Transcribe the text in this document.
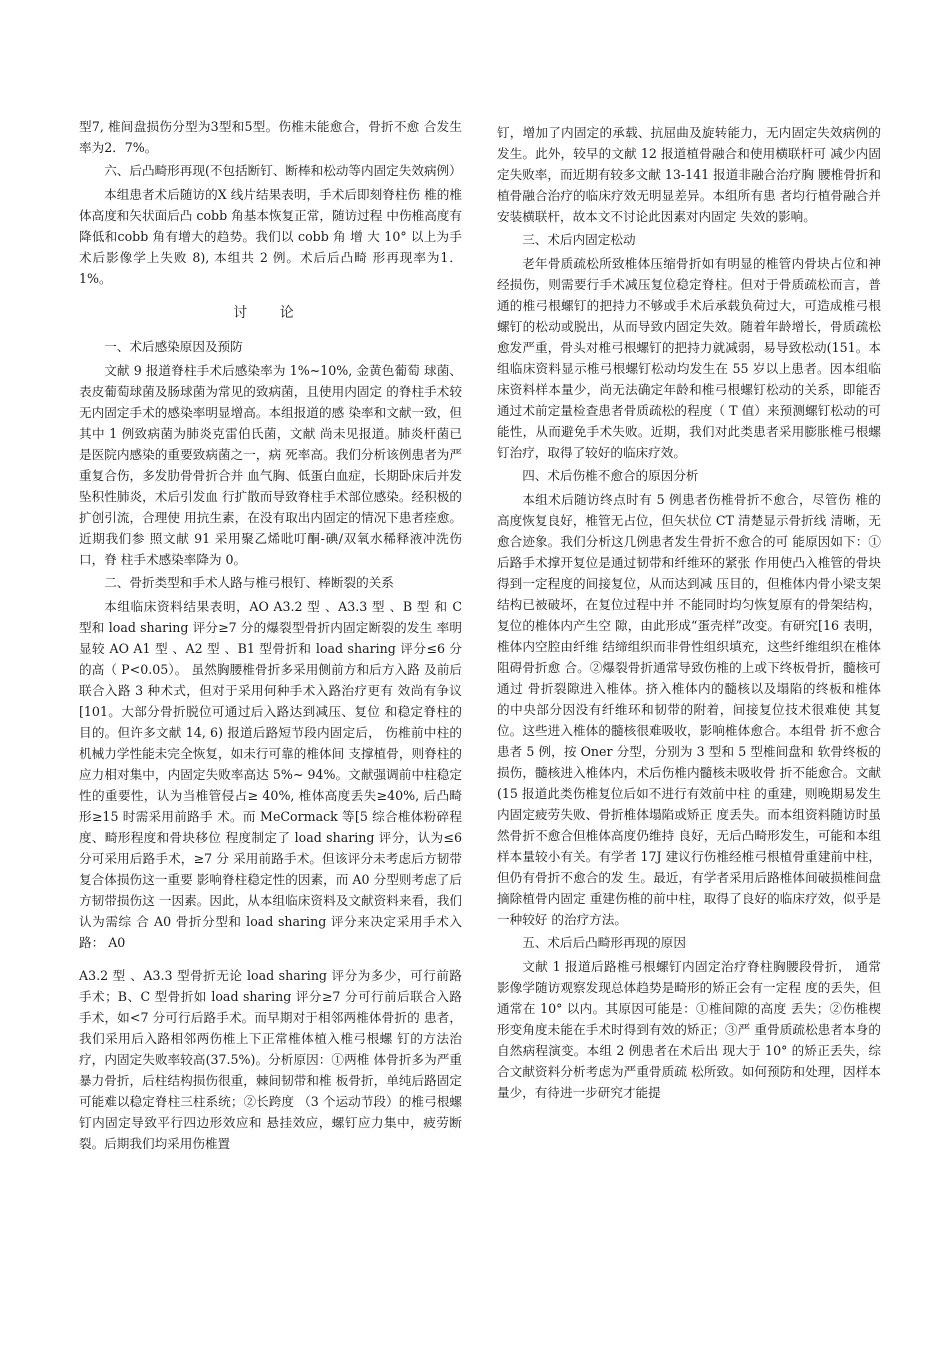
型7, 椎间盘损伤分型为3型和5型。伤椎未能愈合，骨折不愈 合发生率为2．7%。

六、后凸畸形再现(不包括断钉、断棒和松动等内固定失效病例）

本组患者术后随访的X 线片结果表明，手术后即刻脊柱伤 椎的椎体高度和矢状面后凸 cobb 角基本恢复正常，随访过程 中伤椎高度有降低和cobb 角有增大的趋势。我们以 cobb 角 增 大 10° 以上为手术后影像学上失败 8), 本组共 2 例。术后后凸畸 形再现率为1．1%。

讨 论

一、术后感染原因及预防

文献 9 报道脊柱手术后感染率为 1%~10%, 金黄色葡萄 球菌、表皮葡萄球菌及肠球菌为常见的致病菌，且使用内固定 的脊柱手术较无内固定手术的感染率明显增高。本组报道的感 染率和文献一致，但其中 1 例致病菌为肺炎克雷伯氏菌，文献 尚未见报道。肺炎杆菌已是医院内感染的重要致病菌之一，病 死率高。我们分析该例患者为严重复合伤，多发肋骨骨折合并 血气胸、低蛋白血症，长期卧床后并发坠积性肺炎，术后引发血 行扩散而导致脊柱手术部位感染。经积极的扩创引流，合理使 用抗生素，在没有取出内固定的情况下患者痊愈。近期我们参 照文献 91 采用聚乙烯吡叮酮-碘/双氧水稀释液冲洗伤口，脊 柱手术感染率降为 0。

二、骨折类型和手术人路与椎弓根钉、棒断裂的关系

本组临床资料结果表明，AO A3.2 型 、A3.3 型 、B 型 和 C 型和 load sharing 评分≥7 分的爆裂型骨折内固定断裂的发生 率明显较 AO A1 型 、A2 型 、B1 型骨折和 load sharing 评分≤6 分的高（ P<0.05）。 虽然胸腰椎骨折多采用侧前方和后方入路 及前后联合入路 3 种术式，但对于采用何种手术入路治疗更有 效尚有争议[101。大部分骨折脱位可通过后入路达到减压、复位 和稳定脊柱的目的。但许多文献 14, 6) 报道后路短节段内固定后， 伤椎前中柱的机械力学性能未完全恢复，如未行可靠的椎体间 支撑植骨，则脊柱的应力相对集中，内固定失败率高达 5%~ 94%。文献强调前中柱稳定性的重要性，认为当椎管侵占≥ 40%, 椎体高度丢失≥40%, 后凸畸形≥15 时需采用前路手 术。而 MeCormack 等[5 综合椎体粉碎程度、畸形程度和骨块移位 程度制定了 load sharing 评分，认为≤6 分可采用后路手术，≥7 分 采用前路手术。但该评分未考虑后方韧带复合体损伤这一重要 影响脊柱稳定性的因素，而 A0 分型则考虑了后方韧带损伤这 一因素。因此，从本组临床资料及文献资料来看，我们认为需综 合 A0 骨折分型和 load sharing 评分来决定采用手术入路： A0

A3.2 型 、A3.3 型骨折无论 load sharing 评分为多少，可行前路 手术；B、C 型骨折如 load sharing 评分≥7 分可行前后联合入路 手术，如<7 分可行后路手术。而早期对于相邻两椎体骨折的 患者，我们采用后入路相邻两伤椎上下正常椎体植入椎弓根螺 钉的方法治疗，内固定失败率较高(37.5%)。分析原因：①两椎 体骨折多为严重暴力骨折，后柱结构损伤很重，棘间韧带和椎 板骨折，单纯后路固定可能难以稳定脊柱三柱系统；②长跨度 （3 个运动节段）的椎弓根螺钉内固定导致平行四边形效应和 悬挂效应，螺钉应力集中，疲劳断裂。后期我们均采用伤椎置

钉，增加了内固定的承载、抗屈曲及旋转能力，无内固定失效病例的发生。此外，较早的文献 12 报道植骨融合和使用横联杆可 减少内固定失败率，而近期有较多文献 13-141 报道非融合治疗胸 腰椎骨折和植骨融合治疗的临床疗效无明显差异。本组所有患 者均行植骨融合并安装横联杆，故本文不讨论此因素对内固定 失效的影响。

三、术后内固定松动

老年骨质疏松所致椎体压缩骨折如有明显的椎管内骨块占位和神经损伤，则需要行手术减压复位稳定脊柱。但对于骨质疏松而言，普通的椎弓根螺钉的把持力不够或手术后承载负荷过大，可造成椎弓根螺钉的松动或脱出，从而导致内固定失效。随着年龄增长，骨质疏松愈发严重，骨头对椎弓根螺钉的把持力就减弱，易导致松动(151。本组临床资料显示椎弓根螺钉松动均发生在 55 岁以上患者。因本组临床资料样本量少，尚无法确定年龄和椎弓根螺钉松动的关系，即能否通过术前定量检查患者骨质疏松的程度（ T 值）来预测螺钉松动的可能性，从而避免手术失败。近期，我们对此类患者采用膨胀椎弓根螺钉治疗，取得了较好的临床疗效。

四、术后伤椎不愈合的原因分析

本组术后随访终点时有 5 例患者伤椎骨折不愈合，尽管伤 椎的高度恢复良好，椎管无占位，但矢状位 CT 清楚显示骨折线 清晰，无愈合迹象。我们分析这几例患者发生骨折不愈合的可 能原因如下：①后路手术撑开复位是通过韧带和纤维环的紧张 作用使凸入椎管的骨块得到一定程度的间接复位，从而达到减 压目的，但椎体内骨小梁支架结构已被破坏，在复位过程中并 不能同时均匀恢复原有的骨架结构，复位的椎体内产生空 隙，由此形成“蛋壳样”改变。有研究[16 表明，椎体内空腔由纤维 结缔组织而非骨性组织填充，这些纤维组织在椎体阻碍骨折愈 合。②爆裂骨折通常导致伤椎的上或下终板骨折，髓核可通过 骨折裂隙进入椎体。挤入椎体内的髓核以及塌陷的终板和椎体 的中央部分因没有纤维环和韧带的附着，间接复位技术很难使 其复位。这些进入椎体的髓核很难吸收，影响椎体愈合。本组骨 折不愈合患者 5 例，按 Oner 分型，分别为 3 型和 5 型椎间盘和 软骨终板的损伤，髓核进入椎体内，术后伤椎内髓核未吸收骨 折不能愈合。文献(15 报道此类伤椎复位后如不进行有效前中柱 的重建，则晚期易发生内固定疲劳失败、骨折椎体塌陷或矫正 度丢失。而本组资料随访时虽然骨折不愈合但椎体高度仍维持 良好，无后凸畸形发生，可能和本组样本量较小有关。有学者 17J 建议行伤椎经椎弓根植骨重建前中柱，但仍有骨折不愈合的发 生。最近，有学者采用后路椎体间破损椎间盘摘除植骨内固定 重建伤椎的前中柱，取得了良好的临床疗效，似乎是一种较好 的治疗方法。

五、术后后凸畸形再现的原因

文献 1 报道后路椎弓根螺钉内固定治疗脊柱胸腰段骨折， 通常影像学随访观察发现总体趋势是畸形的矫正会有一定程 度的丢失，但通常在 10° 以内。其原因可能是：①椎间隙的高度 丢失；②伤椎楔形变角度未能在手术时得到有效的矫正；③严 重骨质疏松患者本身的自然病程演变。本组 2 例患者在术后出 现大于 10° 的矫正丢失，综合文献资料分析考虑为严重骨质疏 松所致。如何预防和处理，因样本量少，有待进一步研究才能提
